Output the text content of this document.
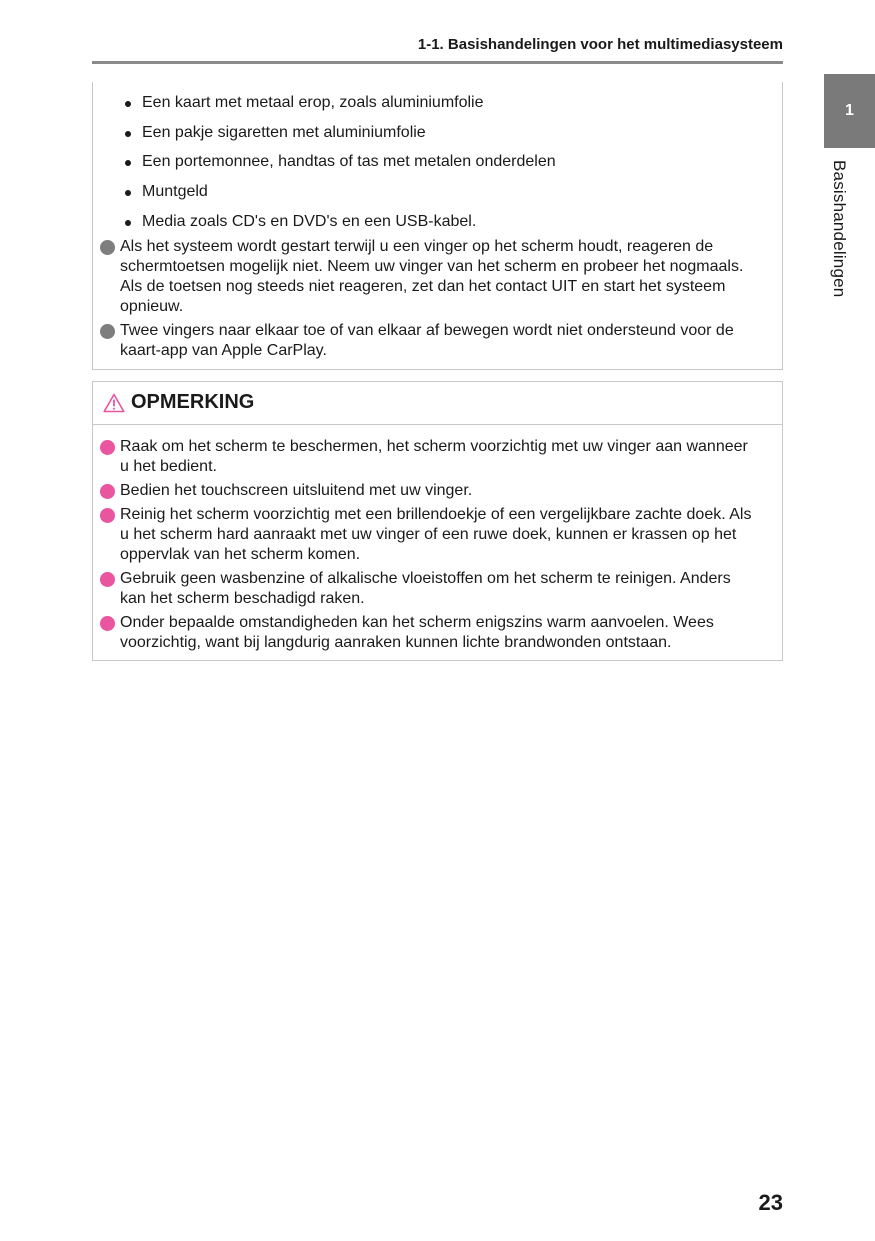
1-1. Basishandelingen voor het multimediasysteem
1
Basishandelingen
Een kaart met metaal erop, zoals aluminiumfolie
Een pakje sigaretten met aluminiumfolie
Een portemonnee, handtas of tas met metalen onderdelen
Muntgeld
Media zoals CD's en DVD's en een USB-kabel.
Als het systeem wordt gestart terwijl u een vinger op het scherm houdt, reageren de
schermtoetsen mogelijk niet. Neem uw vinger van het scherm en probeer het nogmaals.
Als de toetsen nog steeds niet reageren, zet dan het contact UIT en start het systeem
opnieuw.
Twee vingers naar elkaar toe of van elkaar af bewegen wordt niet ondersteund voor de
kaart-app van Apple CarPlay.
OPMERKING
Raak om het scherm te beschermen, het scherm voorzichtig met uw vinger aan wanneer
u het bedient.
Bedien het touchscreen uitsluitend met uw vinger.
Reinig het scherm voorzichtig met een brillendoekje of een vergelijkbare zachte doek. Als
u het scherm hard aanraakt met uw vinger of een ruwe doek, kunnen er krassen op het
oppervlak van het scherm komen.
Gebruik geen wasbenzine of alkalische vloeistoffen om het scherm te reinigen. Anders
kan het scherm beschadigd raken.
Onder bepaalde omstandigheden kan het scherm enigszins warm aanvoelen. Wees
voorzichtig, want bij langdurig aanraken kunnen lichte brandwonden ontstaan.
23
